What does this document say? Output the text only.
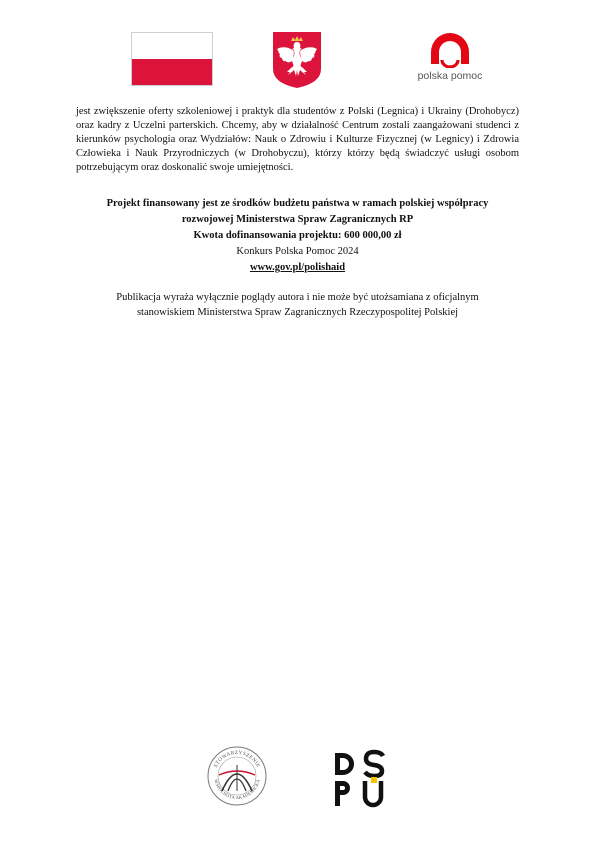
polska pomoc

jest zwiększenie oferty szkoleniowej i praktyk dla studentów z Polski (Legnica) i Ukrainy (Drohobycz) oraz kadry z Uczelni parterskich. Chcemy, aby w działalność Centrum zostali zaangażowani studenci z kierunków psychologia oraz Wydziałów: Nauk o Zdrowiu i Kulturze Fizycznej (w Legnicy) i Zdrowia Człowieka i Nauk Przyrodniczych (w Drohobyczu), którzy którzy będą świadczyć usługi osobom potrzebującym oraz doskonalić swoje umiejętności.

Projekt finansowany jest ze środków budżetu państwa w ramach polskiej współpracy
rozwojowej Ministerstwa Spraw Zagranicznych RP
Kwota dofinansowania projektu: 600 000,00 zł
Konkurs Polska Pomoc 2024
www.gov.pl/polishaid
Publikacja wyraża wyłącznie poglądy autora i nie może być utożsamiana z oficjalnym
stanowiskiem Ministerstwa Spraw Zagranicznych Rzeczypospolitej Polskiej
STOWARZYSZENIE
WSPÓLNOTA AKADEMICKA
